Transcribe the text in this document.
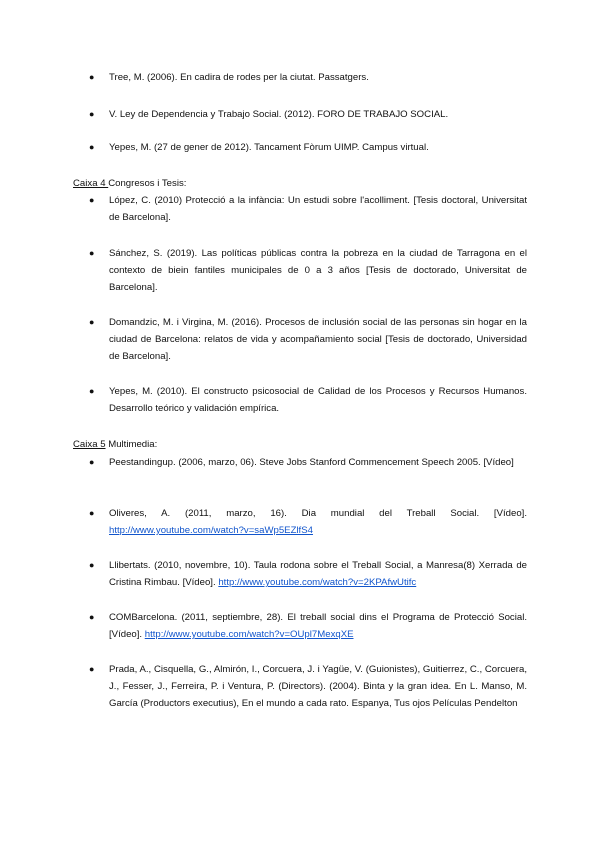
● Tree, M. (2006). En cadira de rodes per la ciutat. Passatgers.
● V. Ley de Dependencia y Trabajo Social. (2012). FORO DE TRABAJO SOCIAL.
● Yepes, M. (27 de gener de 2012). Tancament Fòrum UIMP. Campus virtual.
Caixa 4 Congresos i Tesis:
● López, C. (2010) Protecció a la infància: Un estudi sobre l'acolliment. [Tesis doctoral, Universitat de Barcelona].
● Sánchez, S. (2019). Las políticas públicas contra la pobreza en la ciudad de Tarragona en el contexto de biein fantiles municipales de 0 a 3 años [Tesis de doctorado, Universitat de Barcelona].
● Domandzic, M. i Virgina, M. (2016). Procesos de inclusión social de las personas sin hogar en la ciudad de Barcelona: relatos de vida y acompañamiento social [Tesis de doctorado, Universidad de Barcelona].
● Yepes, M. (2010). El constructo psicosocial de Calidad de los Procesos y Recursos Humanos. Desarrollo teórico y validación empírica.
Caixa 5 Multimedia:
● Peestandingup. (2006, marzo, 06). Steve Jobs Stanford Commencement Speech 2005. [Vídeo]
● Oliveres, A. (2011, marzo, 16). Dia mundial del Treball Social. [Vídeo]. http://www.youtube.com/watch?v=saWp5EZlfS4
● Llibertats. (2010, novembre, 10). Taula rodona sobre el Treball Social, a Manresa(8) Xerrada de Cristina Rimbau. [Vídeo]. http://www.youtube.com/watch?v=2KPAfwUtifc
● COMBarcelona. (2011, septiembre, 28). El treball social dins el Programa de Protecció Social. [Vídeo]. http://www.youtube.com/watch?v=OUpl7MexqXE
● Prada, A., Cisquella, G., Almirón, I., Corcuera, J. i Yagüe, V. (Guionistes), Guitierrez, C., Corcuera, J., Fesser, J., Ferreira, P. i Ventura, P. (Directors). (2004). Binta y la gran idea. En L. Manso, M. García (Productors executius), En el mundo a cada rato. Espanya, Tus ojos Películas Pendelton
